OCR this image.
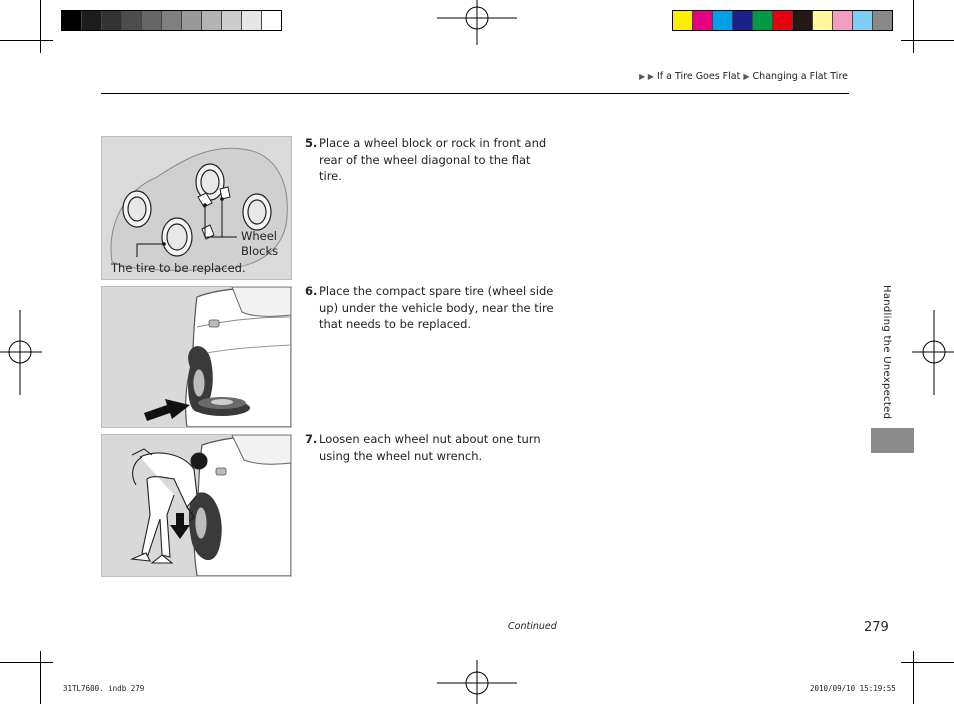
▶ ▶ If a Tire Goes Flat ▶ Changing a Flat Tire
Wheel
Blocks
The tire to be replaced.
5. Place a wheel block or rock in front and
rear of the wheel diagonal to the flat tire.
6. Place the compact spare tire (wheel side
up) under the vehicle body, near the tire
that needs to be replaced.
7. Loosen each wheel nut about one turn
using the wheel nut wrench.
Handling the Unexpected
Continued	279
31TL7600. indb 279	2010/09/10 15:19:55
